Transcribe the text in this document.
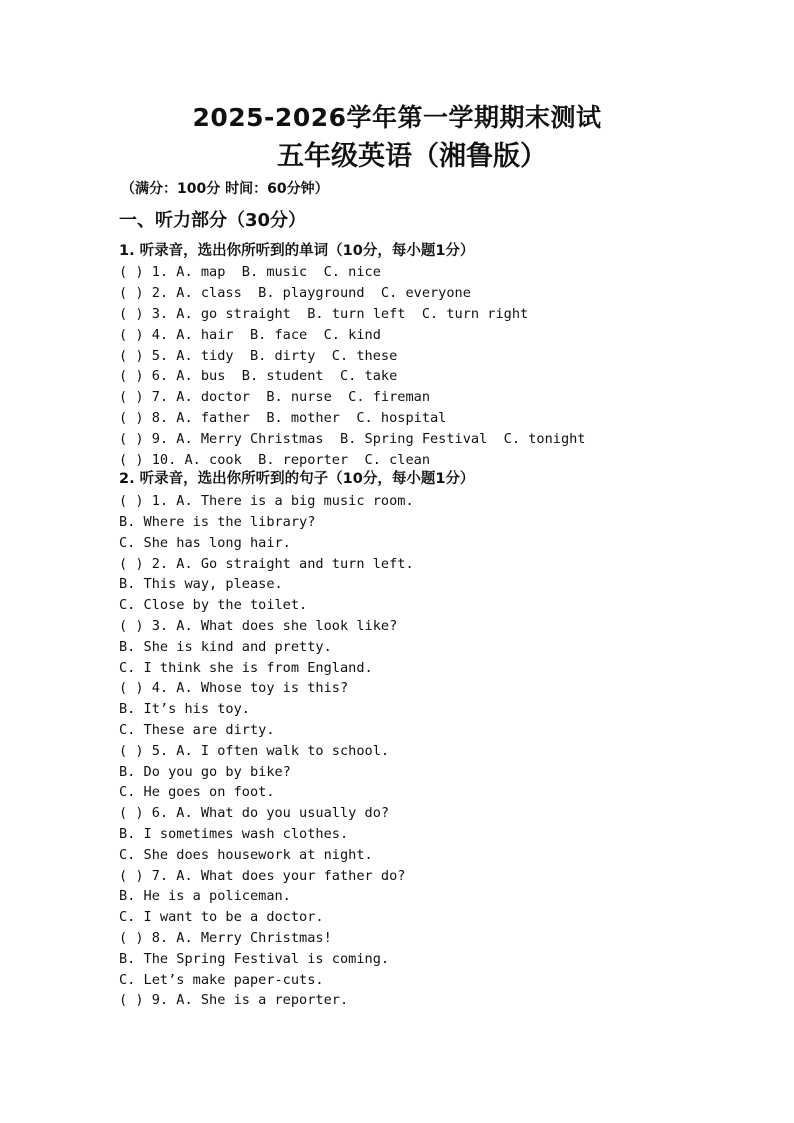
2025-2026学年第一学期期末测试
五年级英语（湘鲁版）
（满分：100分 时间：60分钟）
一、听力部分（30分）
1. 听录音，选出你所听到的单词（10分，每小题1分）
( ) 1. A. map  B. music  C. nice
( ) 2. A. class  B. playground  C. everyone
( ) 3. A. go straight  B. turn left  C. turn right
( ) 4. A. hair  B. face  C. kind
( ) 5. A. tidy  B. dirty  C. these
( ) 6. A. bus  B. student  C. take
( ) 7. A. doctor  B. nurse  C. fireman
( ) 8. A. father  B. mother  C. hospital
( ) 9. A. Merry Christmas  B. Spring Festival  C. tonight
( ) 10. A. cook  B. reporter  C. clean
2. 听录音，选出你所听到的句子（10分，每小题1分）
( ) 1. A. There is a big music room.
B. Where is the library?
C. She has long hair.
( ) 2. A. Go straight and turn left.
B. This way, please.
C. Close by the toilet.
( ) 3. A. What does she look like?
B. She is kind and pretty.
C. I think she is from England.
( ) 4. A. Whose toy is this?
B. It’s his toy.
C. These are dirty.
( ) 5. A. I often walk to school.
B. Do you go by bike?
C. He goes on foot.
( ) 6. A. What do you usually do?
B. I sometimes wash clothes.
C. She does housework at night.
( ) 7. A. What does your father do?
B. He is a policeman.
C. I want to be a doctor.
( ) 8. A. Merry Christmas!
B. The Spring Festival is coming.
C. Let’s make paper-cuts.
( ) 9. A. She is a reporter.
